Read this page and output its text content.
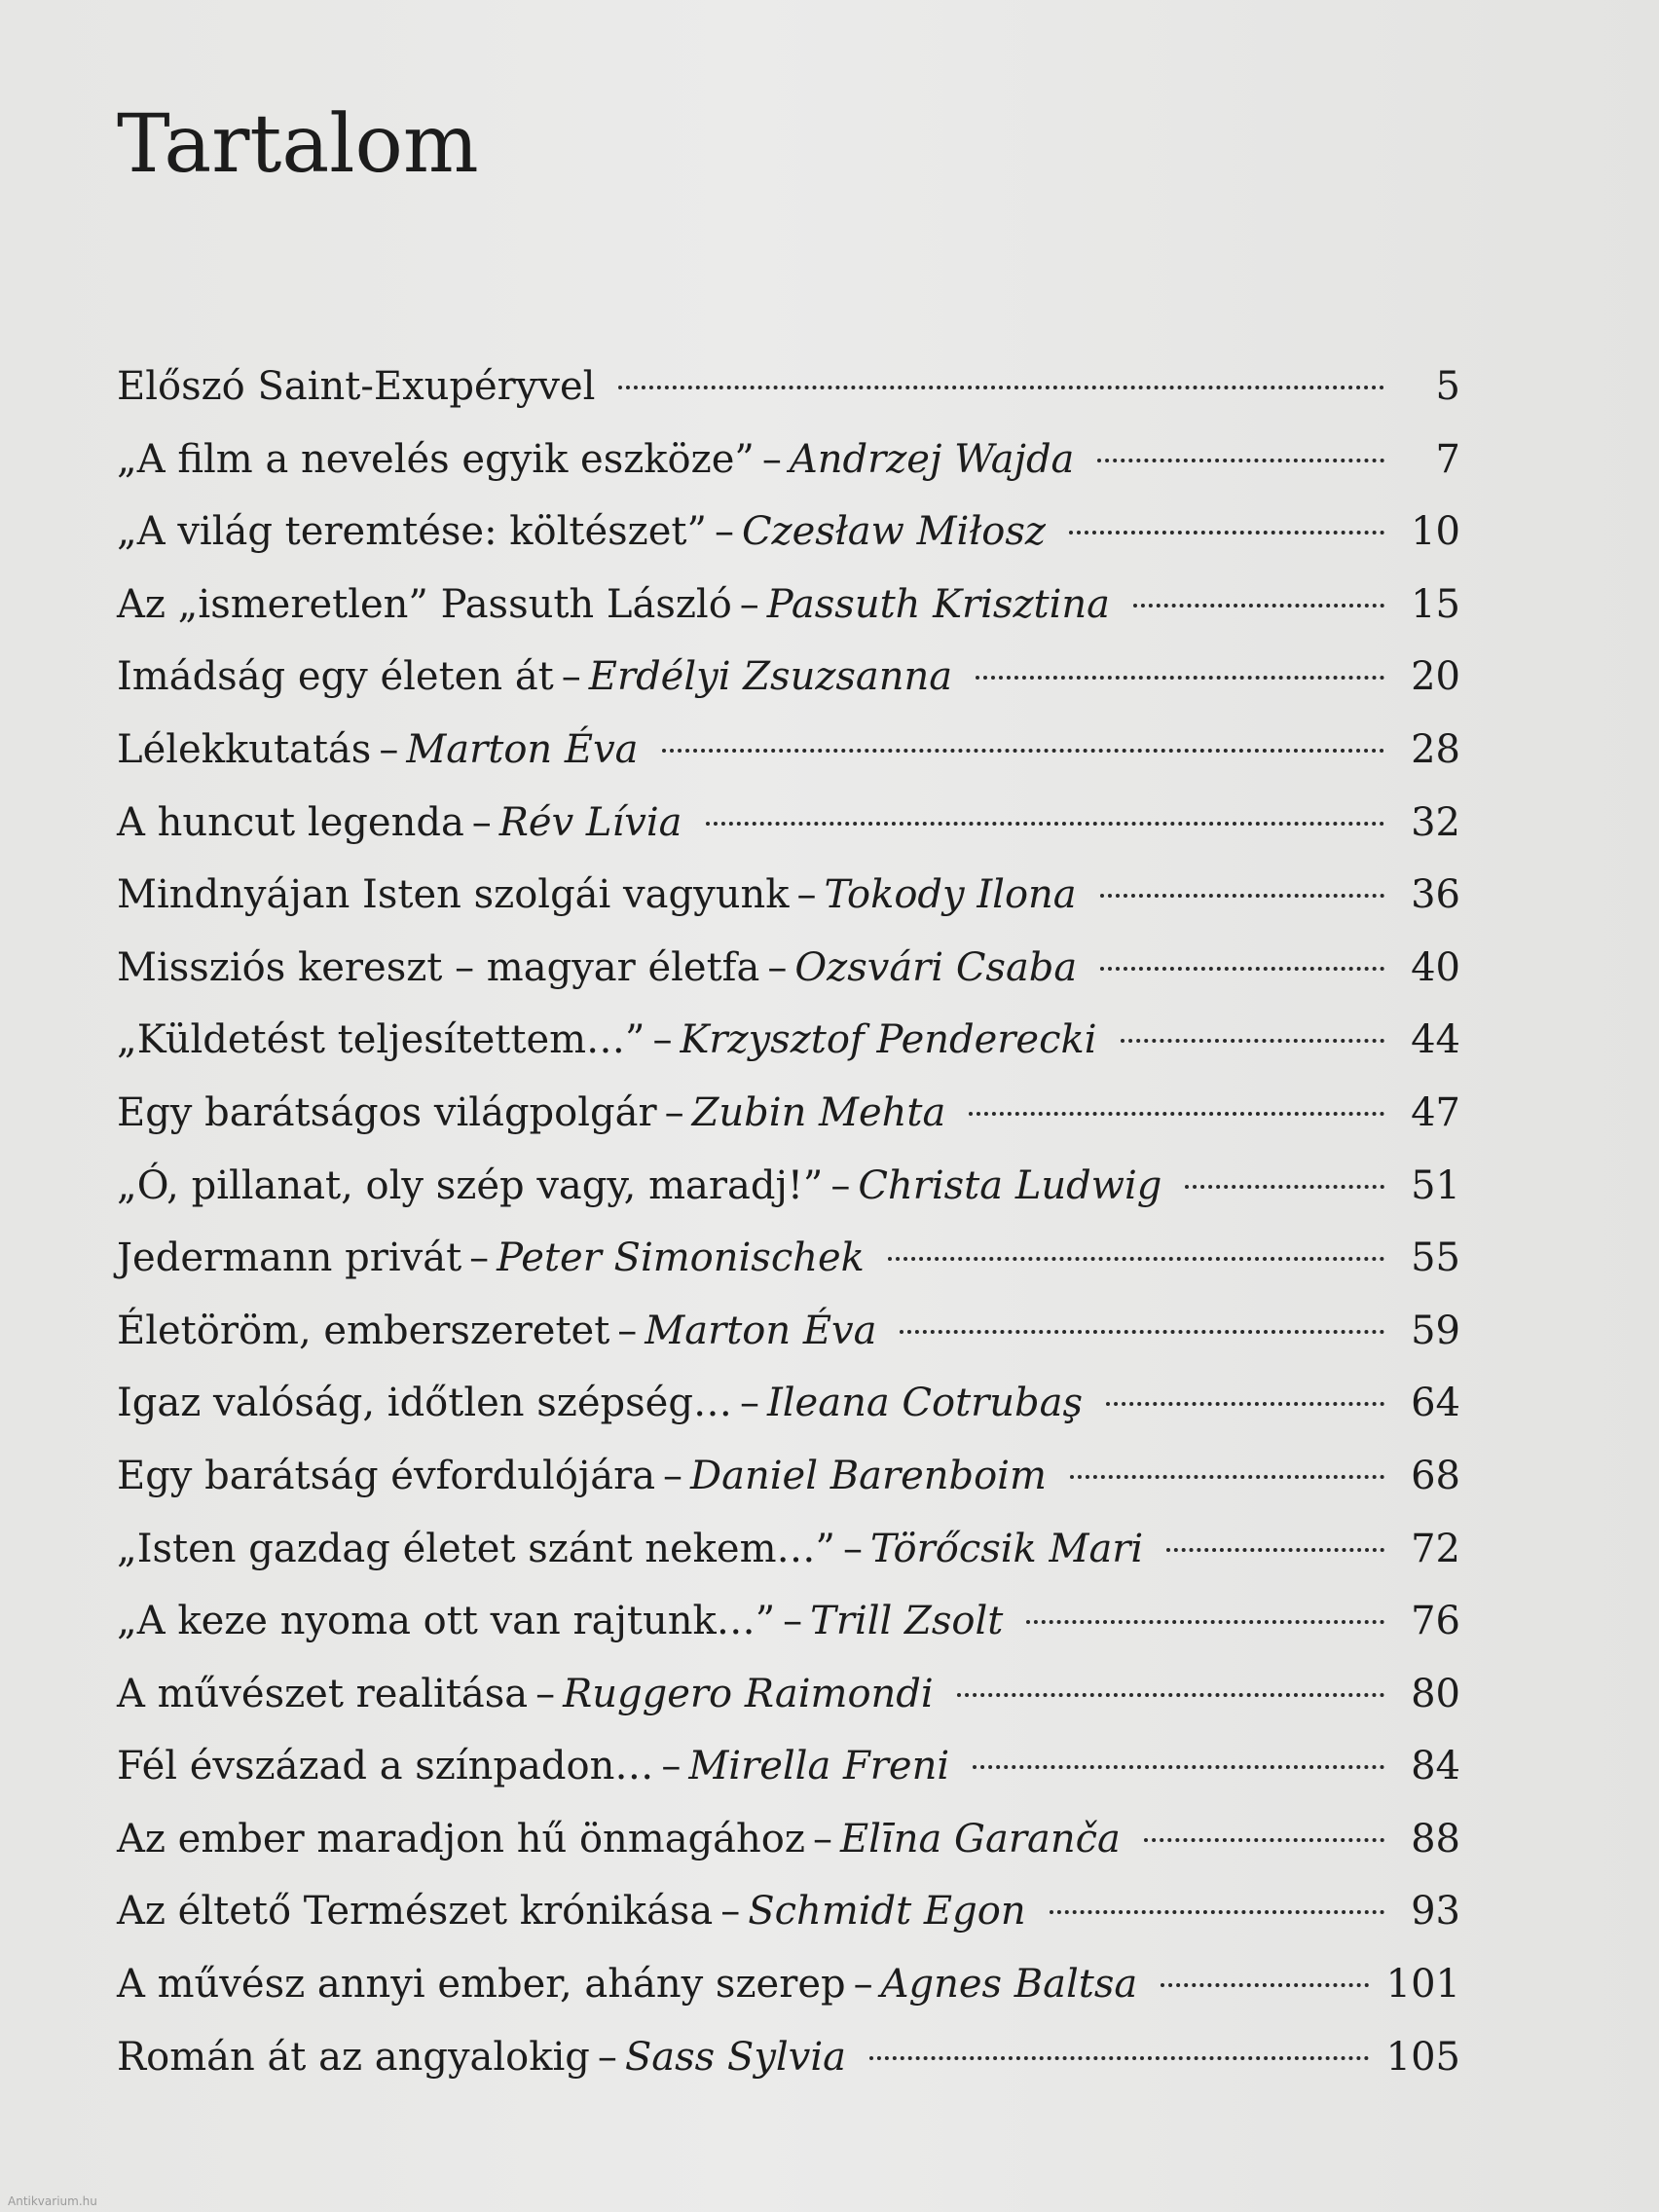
Tartalom
Előszó Saint-Exupéryvel	5
„A film a nevelés egyik eszköze” – Andrzej Wajda	7
„A világ teremtése: költészet” – Czesław Miłosz	10
Az „ismeretlen” Passuth László – Passuth Krisztina	15
Imádság egy életen át – Erdélyi Zsuzsanna	20
Lélekkutatás – Marton Éva	28
A huncut legenda – Rév Lívia	32
Mindnyájan Isten szolgái vagyunk – Tokody Ilona	36
Missziós kereszt – magyar életfa – Ozsvári Csaba	40
„Küldetést teljesítettem…” – Krzysztof Penderecki	44
Egy barátságos világpolgár – Zubin Mehta	47
„Ó, pillanat, oly szép vagy, maradj!” – Christa Ludwig	51
Jedermann privát – Peter Simonischek	55
Életöröm, emberszeretet – Marton Éva	59
Igaz valóság, időtlen szépség… – Ileana Cotrubaş	64
Egy barátság évfordulójára – Daniel Barenboim	68
„Isten gazdag életet szánt nekem…” – Törőcsik Mari	72
„A keze nyoma ott van rajtunk…” – Trill Zsolt	76
A művészet realitása – Ruggero Raimondi	80
Fél évszázad a színpadon… – Mirella Freni	84
Az ember maradjon hű önmagához – Elīna Garanča	88
Az éltető Természet krónikása – Schmidt Egon	93
A művész annyi ember, ahány szerep – Agnes Baltsa	101
Román át az angyalokig – Sass Sylvia	105
Antikvarium.hu
